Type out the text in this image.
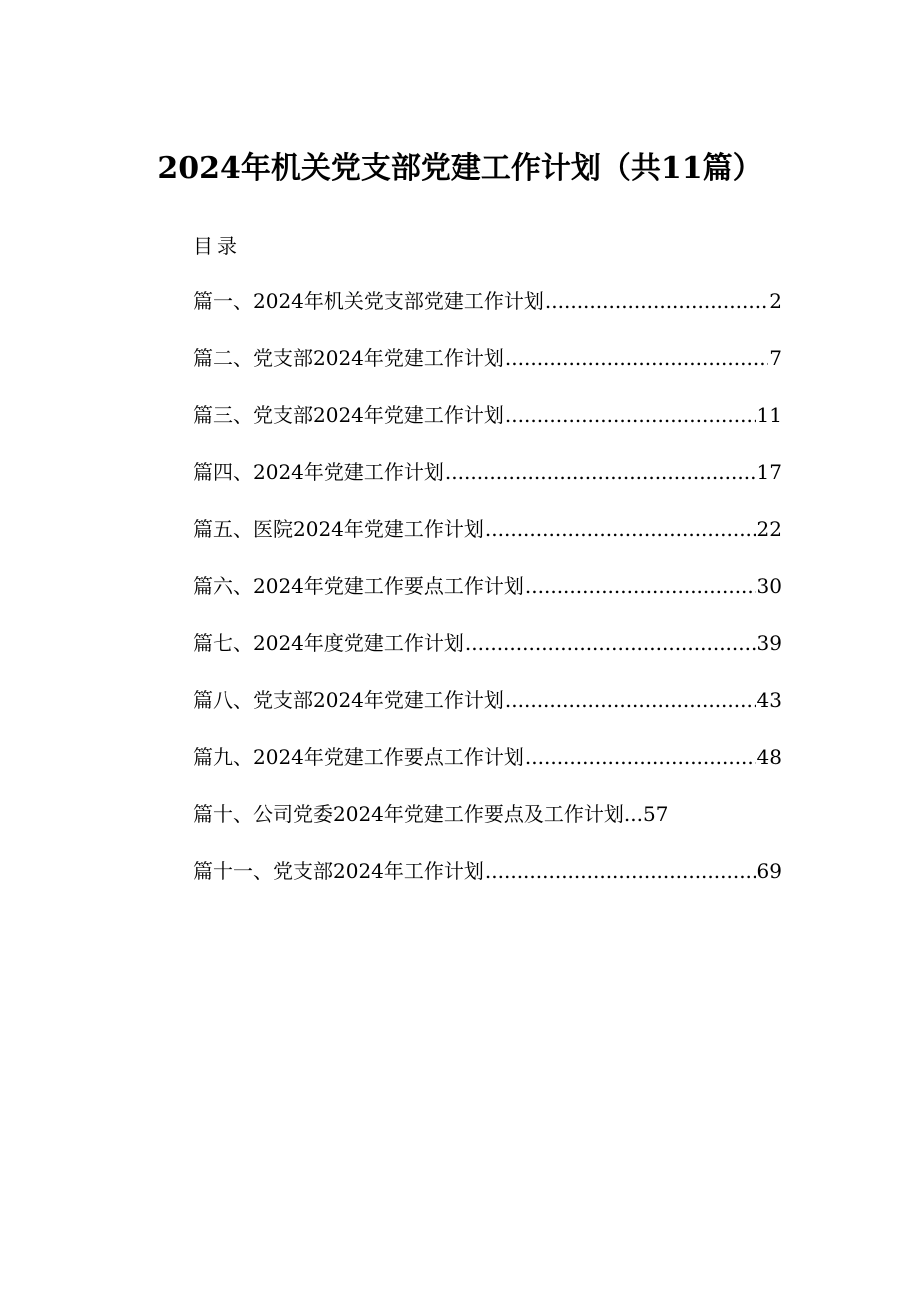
2024年机关党支部党建工作计划（共11篇）
目录
篇一、2024年机关党支部党建工作计划 .....	2
篇二、党支部2024年党建工作计划 .....	7
篇三、党支部2024年党建工作计划 .....	11
篇四、2024年党建工作计划 .....	17
篇五、医院2024年党建工作计划 .....	22
篇六、2024年党建工作要点工作计划 .....	30
篇七、2024年度党建工作计划 .....	39
篇八、党支部2024年党建工作计划 .....	43
篇九、2024年党建工作要点工作计划 .....	48
篇十、公司党委2024年党建工作要点及工作计划 ... 57
篇十一、党支部2024年工作计划 .....	69
